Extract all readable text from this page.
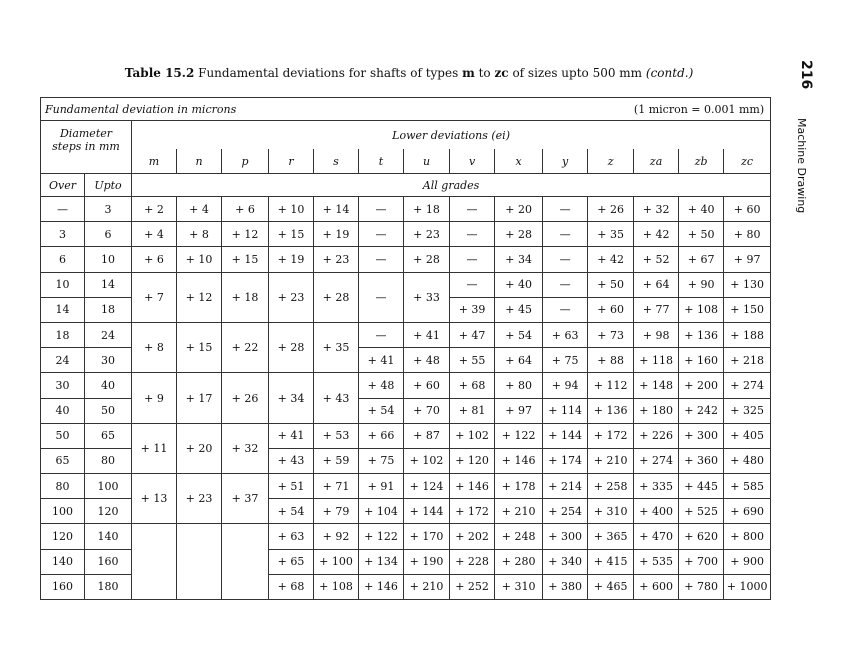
Table 15.2 Fundamental deviations for shafts of types m to zc of sizes upto 500 mm (contd.)	216
Machine Drawing
Fundamental deviation in microns										(1 micron = 0.001 mm)					
Diameter
steps in mm		Lower deviations (ei)													
		m	n	p	r	s	t	u	v	x	y	z	za	zb	zc
Over	Upto	All grades													
—	3	+ 2	+ 4	+ 6	+ 10	+ 14	—	+ 18	—	+ 20	—	+ 26	+ 32	+ 40	+ 60
3	6	+ 4	+ 8	+ 12	+ 15	+ 19	—	+ 23	—	+ 28	—	+ 35	+ 42	+ 50	+ 80
6	10	+ 6	+ 10	+ 15	+ 19	+ 23	—	+ 28	—	+ 34	—	+ 42	+ 52	+ 67	+ 97
10	14	+ 7	+ 12	+ 18	+ 23	+ 28	—	+ 33	—	+ 40	—	+ 50	+ 64	+ 90	+ 130
14	18								+ 39	+ 45	—	+ 60	+ 77	+ 108	+ 150
18	24	+ 8	+ 15	+ 22	+ 28	+ 35	—	+ 41	+ 47	+ 54	+ 63	+ 73	+ 98	+ 136	+ 188
24	30						+ 41	+ 48	+ 55	+ 64	+ 75	+ 88	+ 118	+ 160	+ 218
30	40	+ 9	+ 17	+ 26	+ 34	+ 43	+ 48	+ 60	+ 68	+ 80	+ 94	+ 112	+ 148	+ 200	+ 274
40	50						+ 54	+ 70	+ 81	+ 97	+ 114	+ 136	+ 180	+ 242	+ 325
50	65	+ 11	+ 20	+ 32	+ 41	+ 53	+ 66	+ 87	+ 102	+ 122	+ 144	+ 172	+ 226	+ 300	+ 405
65	80				+ 43	+ 59	+ 75	+ 102	+ 120	+ 146	+ 174	+ 210	+ 274	+ 360	+ 480
80	100	+ 13	+ 23	+ 37	+ 51	+ 71	+ 91	+ 124	+ 146	+ 178	+ 214	+ 258	+ 335	+ 445	+ 585
100	120				+ 54	+ 79	+ 104	+ 144	+ 172	+ 210	+ 254	+ 310	+ 400	+ 525	+ 690
120	140				+ 63	+ 92	+ 122	+ 170	+ 202	+ 248	+ 300	+ 365	+ 470	+ 620	+ 800
140	160				+ 65	+ 100	+ 134	+ 190	+ 228	+ 280	+ 340	+ 415	+ 535	+ 700	+ 900
160	180				+ 68	+ 108	+ 146	+ 210	+ 252	+ 310	+ 380	+ 465	+ 600	+ 780	+ 1000
